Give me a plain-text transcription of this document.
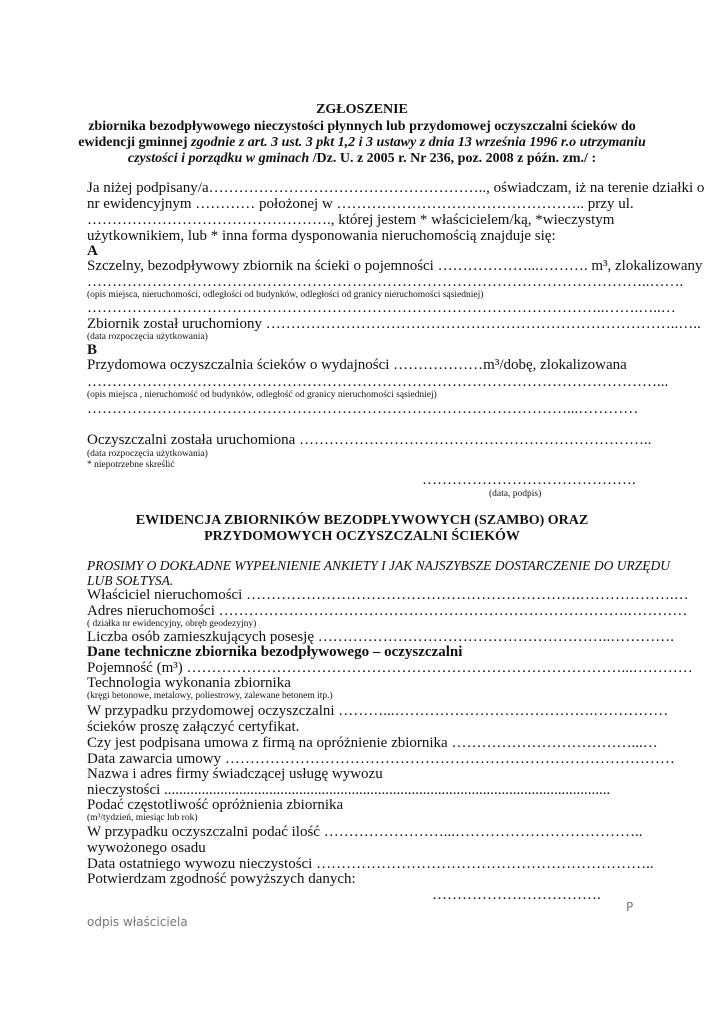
ZGŁOSZENIE
zbiornika bezodpływowego nieczystości płynnych lub przydomowej oczyszczalni ścieków do
ewidencji gminnej zgodnie z art. 3 ust. 3 pkt 1,2 i 3 ustawy z dnia 13 września 1996 r.o utrzymaniu
czystości i porządku w gminach /Dz. U. z 2005 r. Nr 236, poz. 2008 z późn. zm./ :
Ja niżej podpisany/a……………………………………………….., oświadczam, iż na terenie działki o
nr ewidencyjnym ………… położonej w ………………………………………….. przy ul.
…………………………………………., której jestem * właścicielem/ką, *wieczystym
użytkownikiem, lub * inna forma dysponowania nieruchomością znajduje się:
A
Szczelny, bezodpływowy zbiornik na ścieki o pojemności ………………...………. m³, zlokalizowany
…………………………………………………………………………………………………..…….
(opis miejsca, nieruchomości, odległości od budynków, odległości od granicy nieruchomości sąsiedniej)
…………………………………………………………………………………………..…….…..…
Zbiornik został uruchomiony ………………………………………………………………………..…..
(data rozpoczęcia użytkowania)
B
Przydomowa oczyszczalnia ścieków o wydajności ………………m³/dobę, zlokalizowana
……………………………………………………………………………………………………...
(opis miejsca , nieruchomość od budynków, odległość od granicy nieruchomości sąsiedniej)
……………………………………………………………………………………...…………
Oczyszczalni została uruchomiona ……………………………………………………………..
(data rozpoczęcia użytkowania)
* niepotrzebne skreślić
…………………………………….
(data, podpis)
EWIDENCJA ZBIORNIKÓW BEZODPŁYWOWYCH (SZAMBO) ORAZ
PRZYDOMOWYCH OCZYSZCZALNI ŚCIEKÓW
PROSIMY O DOKŁADNE WYPEŁNIENIE ANKIETY I JAK NAJSZYBSZE DOSTARCZENIE DO URZĘDU
LUB SOŁTYSA.
Właściciel nieruchomości ………………………………………………………….……………….…
Adres nieruchomości ……………………………………………………………………….…………
( działka nr ewidencyjny, obręb geodezyjny)
Liczba osób zamieszkujących posesję …………………………………………………..………….
Dane techniczne zbiornika bezodpływowego – oczyszczalni
Pojemność (m³) ……………………………………………………………………………...…………
Technologia wykonania zbiornika
(kręgi betonowe, metalowy, poliestrowy, zalewane betonem itp.)
W przypadku przydomowej oczyszczalni ………...………………………………….……………
ścieków proszę załączyć certyfikat.
Czy jest podpisana umowa z firmą na opróżnienie zbiornika ………………………………...…
Data zawarcia umowy ………………………………………………………………………………
Nazwa i adres firmy świadczącej usługę wywozu
nieczystości .......................................................................................................................
Podać częstotliwość opróżnienia zbiornika
(m³/tydzień, miesiąc lub rok)
W przypadku oczyszczalni podać ilość ……………………...………………………………..
wywożonego osadu
Data ostatniego wywozu nieczystości …………………………………………………………..
Potwierdzam zgodność powyższych danych:
…………………………….
P
odpis właściciela
